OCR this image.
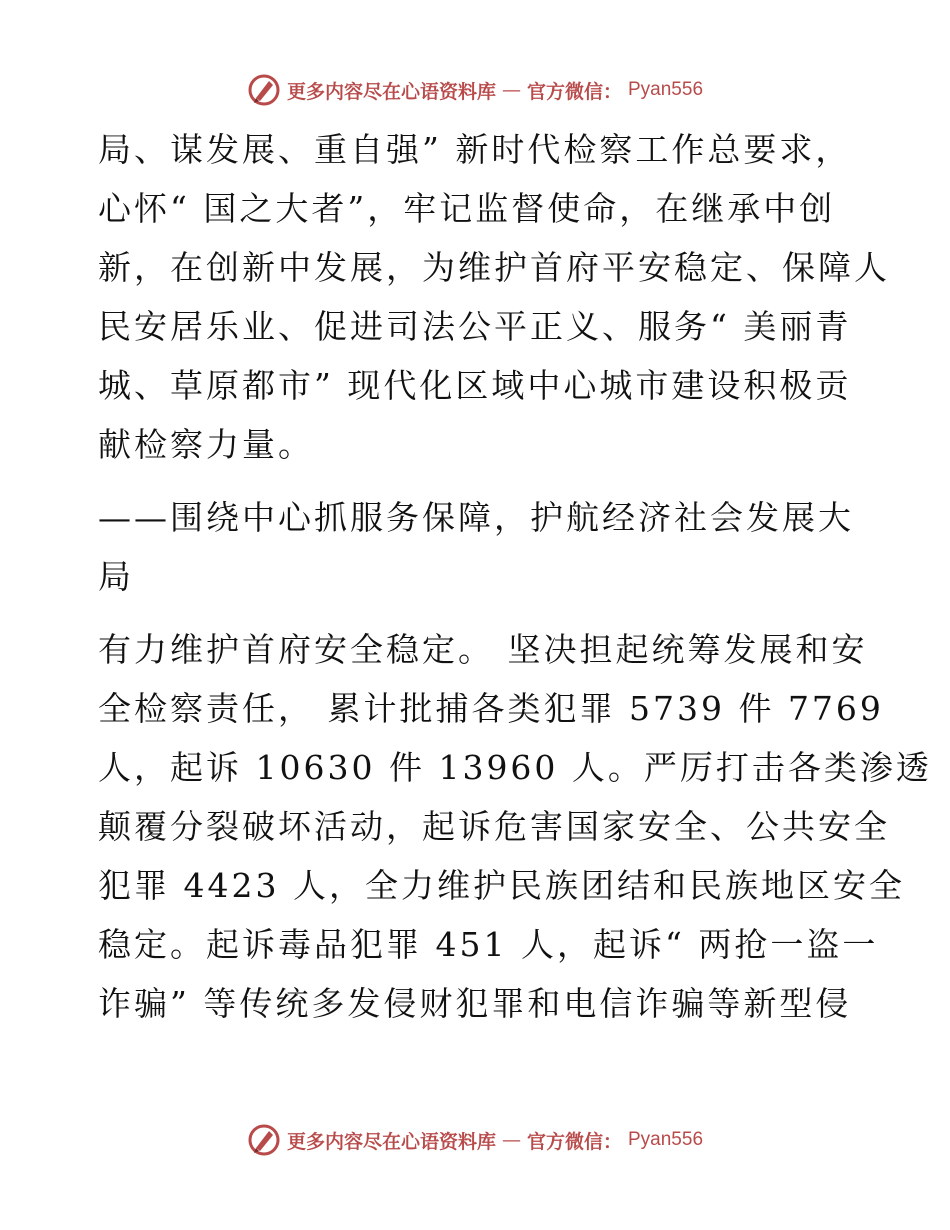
更多内容尽在心语资料库 — 官方微信： Pyan556
局、谋发展、重自强” 新时代检察工作总要求，
心怀“ 国之大者”，牢记监督使命，在继承中创
新，在创新中发展，为维护首府平安稳定、保障人
民安居乐业、促进司法公平正义、服务“ 美丽青
城、草原都市” 现代化区域中心城市建设积极贡
献检察力量。
——围绕中心抓服务保障，护航经济社会发展大
局
有力维护首府安全稳定。 坚决担起统筹发展和安
全检察责任， 累计批捕各类犯罪 5739 件 7769
人，起诉 10630 件 13960 人。严厉打击各类渗透
颠覆分裂破坏活动，起诉危害国家安全、公共安全
犯罪 4423 人，全力维护民族团结和民族地区安全
稳定。起诉毒品犯罪 451 人，起诉“ 两抢一盗一
诈骗” 等传统多发侵财犯罪和电信诈骗等新型侵
更多内容尽在心语资料库 — 官方微信： Pyan556
